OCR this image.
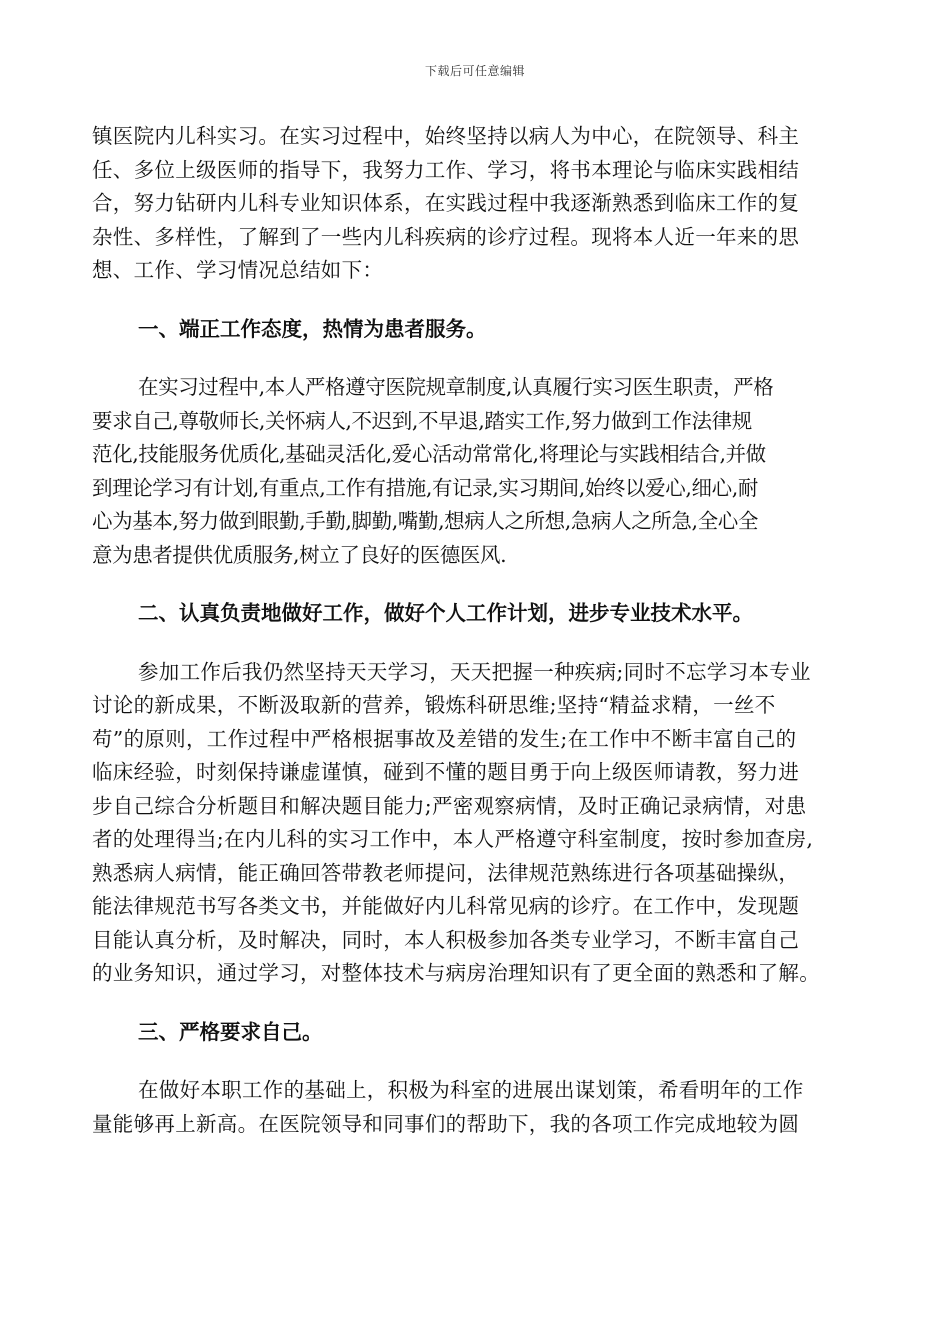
下载后可任意编辑
镇医院内儿科实习。在实习过程中，始终坚持以病人为中心，在院领导、科主
任、多位上级医师的指导下，我努力工作、学习，将书本理论与临床实践相结
合，努力钻研内儿科专业知识体系，在实践过程中我逐渐熟悉到临床工作的复
杂性、多样性，了解到了一些内儿科疾病的诊疗过程。现将本人近一年来的思
想、工作、学习情况总结如下：
一、端正工作态度，热情为患者服务。
在实习过程中,本人严格遵守医院规章制度,认真履行实习医生职责，严格
要求自己,尊敬师长,关怀病人,不迟到,不早退,踏实工作,努力做到工作法律规
范化,技能服务优质化,基础灵活化,爱心活动常常化,将理论与实践相结合,并做
到理论学习有计划,有重点,工作有措施,有记录,实习期间,始终以爱心,细心,耐
心为基本,努力做到眼勤,手勤,脚勤,嘴勤,想病人之所想,急病人之所急,全心全
意为患者提供优质服务,树立了良好的医德医风.
二、认真负责地做好工作，做好个人工作计划，进步专业技术水平。
参加工作后我仍然坚持天天学习，天天把握一种疾病;同时不忘学习本专业
讨论的新成果，不断汲取新的营养，锻炼科研思维;坚持“精益求精，一丝不
苟”的原则，工作过程中严格根据事故及差错的发生;在工作中不断丰富自己的
临床经验，时刻保持谦虚谨慎，碰到不懂的题目勇于向上级医师请教，努力进
步自己综合分析题目和解决题目能力;严密观察病情，及时正确记录病情，对患
者的处理得当;在内儿科的实习工作中，本人严格遵守科室制度，按时参加查房,
熟悉病人病情，能正确回答带教老师提问，法律规范熟练进行各项基础操纵，
能法律规范书写各类文书，并能做好内儿科常见病的诊疗。在工作中，发现题
目能认真分析，及时解决，同时，本人积极参加各类专业学习，不断丰富自己
的业务知识，通过学习，对整体技术与病房治理知识有了更全面的熟悉和了解。
三、严格要求自己。
在做好本职工作的基础上，积极为科室的进展出谋划策，希看明年的工作
量能够再上新高。在医院领导和同事们的帮助下，我的各项工作完成地较为圆
